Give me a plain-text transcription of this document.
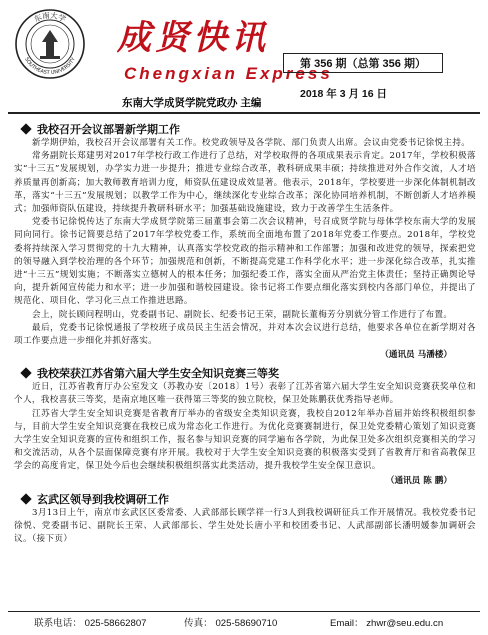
东南大学
SOUTHEAST UNIVERSITY
成贤快讯
Chengxian Express
第 356 期（总第 356 期）
2018 年 3 月 16 日
东南大学成贤学院党政办 主编
我校召开会议部署新学期工作

新学期伊始，我校召开会议部署有关工作。校党政领导及各学院、部门负责人出席。会议由党委书记徐悦主持。

常务副院长郑建男对2017年学校行政工作进行了总结，对学校取得的各项成果表示肯定。2017年，学校积极落实“十三五”发展规划，办学实力进一步提升；推进专业综合改革，教科研成果丰硕；持续推进对外合作交流，人才培养质量再创新高；加大教师教育培训力度，师资队伍建设成效显著。他表示，2018年，学校要进一步深化体制机制改革，落实“十三五”发展规划；以教学工作为中心，继续深化专业综合改革；深化协同培养机制，不断创新人才培养模式；加强师资队伍建设，持续提升教研科研水平；加强基础设施建设，致力于改善学生生活条件。

党委书记徐悦传达了东南大学成贤学院第三届董事会第二次会议精神，号召成贤学院与母体学校东南大学的发展同向同行。徐书记简要总结了2017年学校党委工作，系统而全面地布置了2018年党委工作要点。2018年，学校党委将持续深入学习贯彻党的十九大精神，认真落实学校党政的指示精神和工作部署；加强和改进党的领导，探索把党的领导融入到学校治理的各个环节；加强规范和创新，不断提高党建工作科学化水平；进一步深化综合改革，扎实推进“十三五”规划实施；不断落实立德树人的根本任务；加强纪委工作，落实全面从严治党主体责任；坚持正确舆论导向，提升新闻宣传能力和水平；进一步加强和谐校园建设。徐书记将工作要点细化落实到校内各部门单位，并提出了规范化、项目化、学习化三点工作推进思路。

会上，院长顾问程明山，党委副书记、副院长、纪委书记王荣，副院长董梅芳分别就分管工作进行了布置。

最后，党委书记徐悦通报了学校班子成员民主生活会情况，并对本次会议进行总结，他要求各单位在新学期对各项工作要点进一步细化并抓好落实。

（通讯员 马潘楼）

我校荣获江苏省第六届大学生安全知识竞赛三等奖

近日，江苏省教育厅办公室发文（苏教办安〔2018〕1号）表彰了江苏省第六届大学生安全知识竞赛获奖单位和个人，我校喜获三等奖，是南京地区唯一获得第三等奖的独立院校，保卫处陈鹏获优秀指导老师。

江苏省大学生安全知识竞赛是省教育厅举办的省级安全类知识竞赛，我校自2012年举办首届并始终积极组织参与，目前大学生安全知识竞赛在我校已成为常态化工作进行。为优化竞赛赛制进行，保卫处党委精心策划了知识竞赛大学生安全知识竞赛的宣传和组织工作，报名参与知识竞赛的同学遍布各学院，为此保卫处多次组织竞赛相关的学习和交流活动，从各个层面保障竞赛有序开展。我校对于大学生安全知识竞赛的积极落实受到了省教育厅和省高教保卫学会的高度肯定，保卫处今后也会继续积极组织落实此类活动，提升我校学生安全保卫意识。

（通讯员 陈 鹏）

玄武区领导到我校调研工作

3月13日上午，南京市玄武区区委常委、人武部部长顾学祥一行3人到我校调研征兵工作开展情况。我校党委书记徐悦、党委副书记、副院长王荣、人武部部长、学生处处长唐小平和校团委书记、人武部副部长潘明媛参加调研会议。（接下页）

联系电话： 025-58662807	传真： 025-58690710	Email： zhwr@seu.edu.cn
